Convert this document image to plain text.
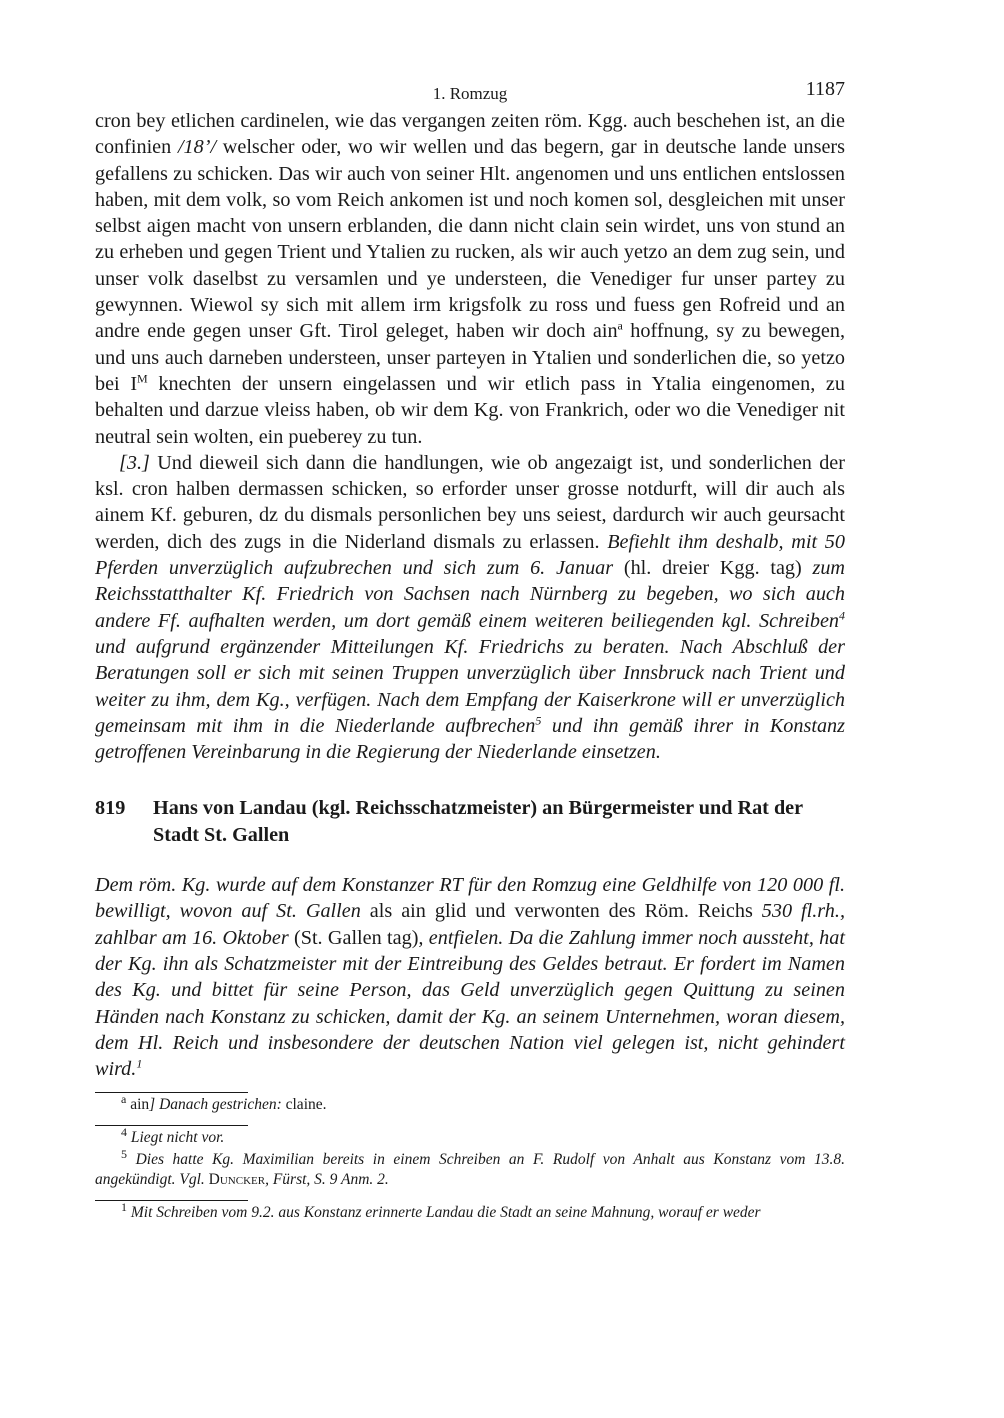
1. Romzug	1187

cron bey etlichen cardinelen, wie das vergangen zeiten röm. Kgg. auch beschehen ist, an die confinien /18’/ welscher oder, wo wir wellen und das begern, gar in deutsche lande unsers gefallens zu schicken. Das wir auch von seiner Hlt. angenomen und uns entlichen entslossen haben, mit dem volk, so vom Reich ankomen ist und noch komen sol, desgleichen mit unser selbst aigen macht von unsern erblanden, die dann nicht clain sein wirdet, uns von stund an zu erheben und gegen Trient und Ytalien zu rucken, als wir auch yetzo an dem zug sein, und unser volk daselbst zu versamlen und ye understeen, die Venediger fur unser partey zu gewynnen. Wiewol sy sich mit allem irm krigsfolk zu ross und fuess gen Rofreid und an andre ende gegen unser Gft. Tirol geleget, haben wir doch ain$^a$ hoffnung, sy zu bewegen, und uns auch darneben understeen, unser parteyen in Ytalien und sonderlichen die, so yetzo bei $I^M$ knechten der unsern eingelassen und wir etlich pass in Ytalia eingenomen, zu behalten und darzue vleiss haben, ob wir dem Kg. von Frankrich, oder wo die Venediger nit neutral sein wolten, ein pueberey zu tun.

[3.] Und dieweil sich dann die handlungen, wie ob angezaigt ist, und sonderlichen der ksl. cron halben dermassen schicken, so erforder unser grosse notdurft, will dir auch als ainem Kf. geburen, dz du dismals personlichen bey uns seiest, dardurch wir auch geursacht werden, dich des zugs in die Niderland dismals zu erlassen. Befiehlt ihm deshalb, mit 50 Pferden unverzüglich aufzubrechen und sich zum 6. Januar (hl. dreier Kgg. tag) zum Reichsstatthalter Kf. Friedrich von Sachsen nach Nürnberg zu begeben, wo sich auch andere Ff. aufhalten werden, um dort gemäß einem weiteren beiliegenden kgl. Schreiben$^4$ und aufgrund ergänzender Mitteilungen Kf. Friedrichs zu beraten. Nach Abschluß der Beratungen soll er sich mit seinen Truppen unverzüglich über Innsbruck nach Trient und weiter zu ihm, dem Kg., verfügen. Nach dem Empfang der Kaiserkrone will er unverzüglich gemeinsam mit ihm in die Niederlande aufbrechen$^5$ und ihn gemäß ihrer in Konstanz getroffenen Vereinbarung in die Regierung der Niederlande einsetzen.

819	Hans von Landau (kgl. Reichsschatzmeister) an Bürgermeister und Rat der Stadt St. Gallen

Dem röm. Kg. wurde auf dem Konstanzer RT für den Romzug eine Geldhilfe von 120 000 fl. bewilligt, wovon auf St. Gallen als ain glid und verwonten des Röm. Reichs 530 fl.rh., zahlbar am 16. Oktober (St. Gallen tag), entfielen. Da die Zahlung immer noch aussteht, hat der Kg. ihn als Schatzmeister mit der Eintreibung des Geldes betraut. Er fordert im Namen des Kg. und bittet für seine Person, das Geld unverzüglich gegen Quittung zu seinen Händen nach Konstanz zu schicken, damit der Kg. an seinem Unternehmen, woran diesem, dem Hl. Reich und insbesondere der deutschen Nation viel gelegen ist, nicht gehindert wird.$^1$

$^a$ ain] Danach gestrichen: claine.
$^4$ Liegt nicht vor.
$^5$ Dies hatte Kg. Maximilian bereits in einem Schreiben an F. Rudolf von Anhalt aus Konstanz vom 13.8. angekündigt. Vgl. Duncker, Fürst, S. 9 Anm. 2.
$^1$ Mit Schreiben vom 9.2. aus Konstanz erinnerte Landau die Stadt an seine Mahnung, worauf er weder
